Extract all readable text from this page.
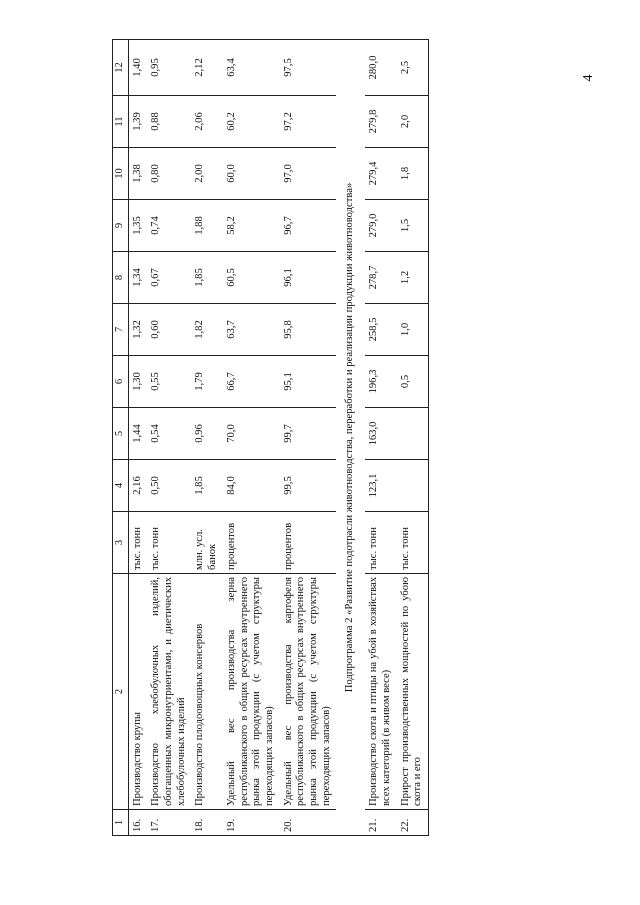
4
1	2	3	4	5	6	7	8	9	10	11	12
16.	Производство крупы	тыс. тонн	2,16	1,44	1,30	1,32	1,34	1,35	1,38	1,39	1,40
17.	Производство хлебобулочных изделий, обогащенных микронутриентами, и диетических хлебобулочных изделий	тыс. тонн	0,50	0,54	0,55	0,60	0,67	0,74	0,80	0,88	0,95
18.	Производство плодоовощных консервов	млн. усл. банок	1,85	0,96	1,79	1,82	1,85	1,88	2,00	2,06	2,12
19.	Удельный вес производства зерна республиканского в общих ресурсах внутреннего рынка этой продукции (с учетом структуры переходящих запасов)	процентов	84,0	70,0	66,7	63,7	60,5	58,2	60,0	60,2	63,4
20.	Удельный вес производства картофеля республиканского в общих ресурсах внутреннего рынка этой продукции (с учетом структуры переходящих запасов)	процентов	99,5	99,7	95,1	95,8	96,1	96,7	97,0	97,2	97,5
Подпрограмма 2 «Развитие подотрасли животноводства, переработки и реализации продукции животноводства»											
21.	Производство скота и птицы на убой в хозяйствах всех категорий (в живом весе)	тыс. тонн	123,1	163,0	196,3	258,5	278,7	279,0	279,4	279,8	280,0
22.	Прирост производственных мощностей по убою скота и его	тыс. тонн			0,5	1,0	1,2	1,5	1,8	2,0	2,5
